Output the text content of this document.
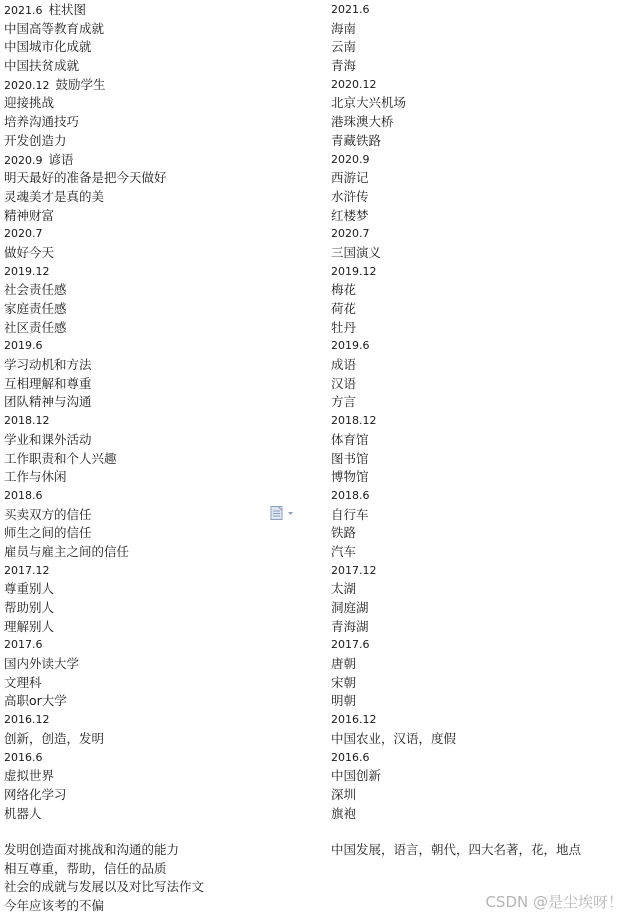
2021.6 柱状图
中国高等教育成就
中国城市化成就
中国扶贫成就
2020.12 鼓励学生
迎接挑战
培养沟通技巧
开发创造力
2020.9 谚语
明天最好的准备是把今天做好
灵魂美才是真的美
精神财富
2020.7
做好今天
2019.12
社会责任感
家庭责任感
社区责任感
2019.6
学习动机和方法
互相理解和尊重
团队精神与沟通
2018.12
学业和课外活动
工作职责和个人兴趣
工作与休闲
2018.6
买卖双方的信任
师生之间的信任
雇员与雇主之间的信任
2017.12
尊重别人
帮助别人
理解别人
2017.6
国内外读大学
文理科
高职or大学
2016.12
创新，创造，发明
2016.6
虚拟世界
网络化学习
机器人
2021.6
海南
云南
青海
2020.12
北京大兴机场
港珠澳大桥
青藏铁路
2020.9
西游记
水浒传
红楼梦
2020.7
三国演义
2019.12
梅花
荷花
牡丹
2019.6
成语
汉语
方言
2018.12
体育馆
图书馆
博物馆
2018.6
自行车
铁路
汽车
2017.12
太湖
洞庭湖
青海湖
2017.6
唐朝
宋朝
明朝
2016.12
中国农业，汉语，度假
2016.6
中国创新
深圳
旗袍
发明创造面对挑战和沟通的能力
相互尊重，帮助，信任的品质
社会的成就与发展以及对比写法作文
今年应该考的不偏
中国发展，语言，朝代，四大名著，花，地点
CSDN @是尘埃呀！
